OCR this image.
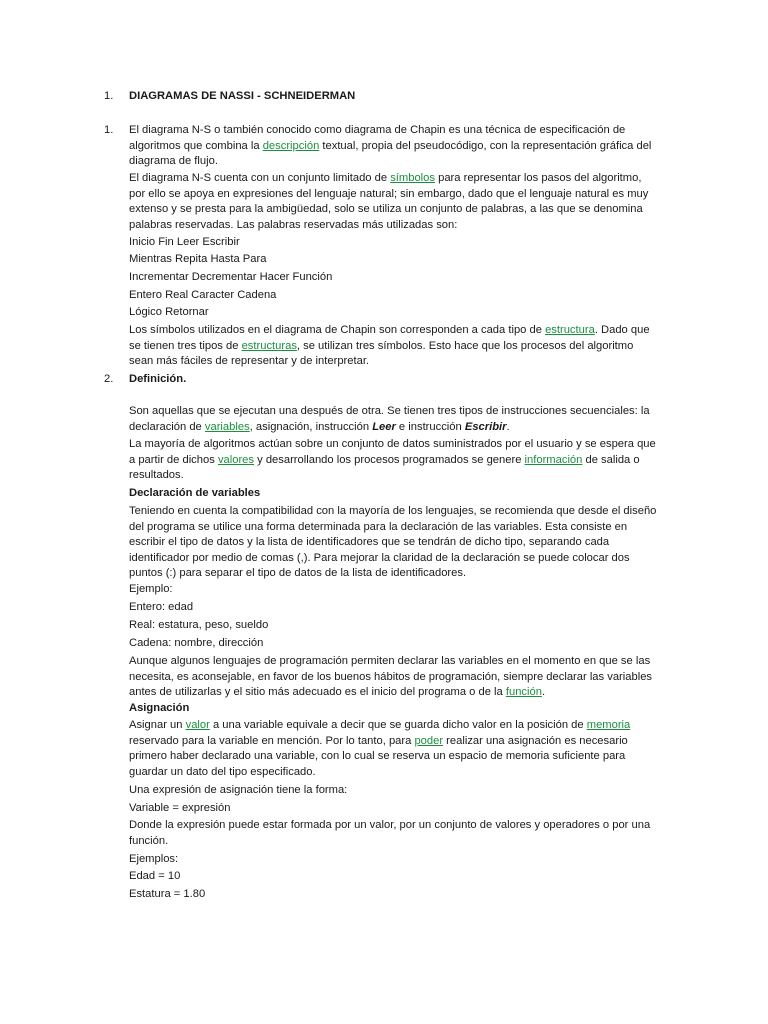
1. DIAGRAMAS DE NASSI - SCHNEIDERMAN
1. El diagrama N-S o también conocido como diagrama de Chapin es una técnica de especificación de algoritmos que combina la descripción textual, propia del pseudocódigo, con la representación gráfica del diagrama de flujo.

El diagrama N-S cuenta con un conjunto limitado de símbolos para representar los pasos del algoritmo, por ello se apoya en expresiones del lenguaje natural; sin embargo, dado que el lenguaje natural es muy extenso y se presta para la ambigüedad, solo se utiliza un conjunto de palabras, a las que se denomina palabras reservadas. Las palabras reservadas más utilizadas son:

Inicio Fin Leer Escribir

Mientras Repita Hasta Para

Incrementar Decrementar Hacer Función

Entero Real Caracter Cadena

Lógico Retornar

Los símbolos utilizados en el diagrama de Chapin son corresponden a cada tipo de estructura. Dado que se tienen tres tipos de estructuras, se utilizan tres símbolos. Esto hace que los procesos del algoritmo sean más fáciles de representar y de interpretar.

2. Definición.

Son aquellas que se ejecutan una después de otra. Se tienen tres tipos de instrucciones secuenciales: la declaración de variables, asignación, instrucción Leer e instrucción Escribir.

La mayoría de algoritmos actúan sobre un conjunto de datos suministrados por el usuario y se espera que a partir de dichos valores y desarrollando los procesos programados se genere información de salida o resultados.

Declaración de variables

Teniendo en cuenta la compatibilidad con la mayoría de los lenguajes, se recomienda que desde el diseño del programa se utilice una forma determinada para la declaración de las variables. Esta consiste en escribir el tipo de datos y la lista de identificadores que se tendrán de dicho tipo, separando cada identificador por medio de comas (,). Para mejorar la claridad de la declaración se puede colocar dos puntos (:) para separar el tipo de datos de la lista de identificadores.

Ejemplo:

Entero: edad

Real: estatura, peso, sueldo

Cadena: nombre, dirección

Aunque algunos lenguajes de programación permiten declarar las variables en el momento en que se las necesita, es aconsejable, en favor de los buenos hábitos de programación, siempre declarar las variables antes de utilizarlas y el sitio más adecuado es el inicio del programa o de la función.

Asignación

Asignar un valor a una variable equivale a decir que se guarda dicho valor en la posición de memoria reservado para la variable en mención. Por lo tanto, para poder realizar una asignación es necesario primero haber declarado una variable, con lo cual se reserva un espacio de memoria suficiente para guardar un dato del tipo especificado.

Una expresión de asignación tiene la forma:

Variable = expresión

Donde la expresión puede estar formada por un valor, por un conjunto de valores y operadores o por una función.

Ejemplos:

Edad = 10

Estatura = 1.80
